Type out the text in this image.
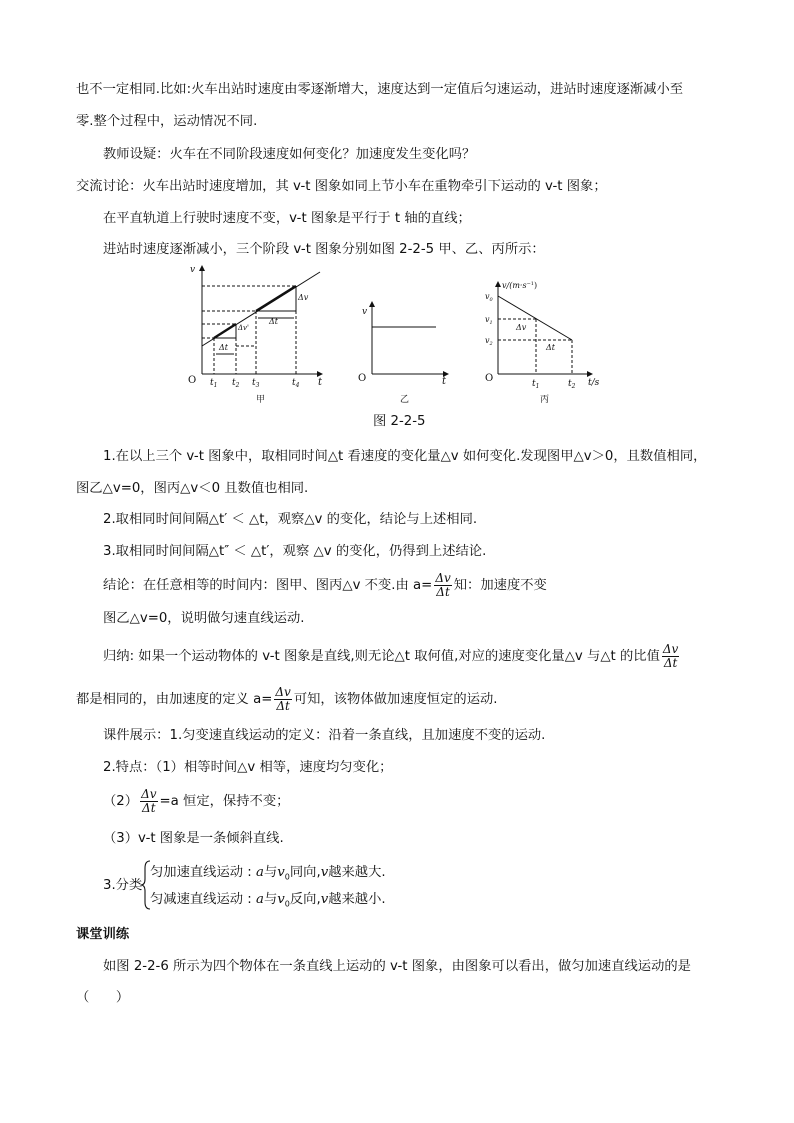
也不一定相同.比如:火车出站时速度由零逐渐增大，速度达到一定值后匀速运动，进站时速度逐渐减小至
零.整个过程中，运动情况不同.
教师设疑：火车在不同阶段速度如何变化？加速度发生变化吗？
交流讨论：火车出站时速度增加，其 v-t 图象如同上节小车在重物牵引下运动的 v-t 图象；
在平直轨道上行驶时速度不变，v-t 图象是平行于 t 轴的直线；
进站时速度逐渐减小，三个阶段 v-t 图象分别如图 2-2-5 甲、乙、丙所示：
v
O	t
$t_1$ $t_2$ $t_3$	$t_4$
Δt
Δv'
Δt
Δv
甲
v
O	t
乙
$v/(m\cdot s^{-1})$
$v_0$
$v_1$
$v_2$
Δv
Δt
O	$t_1$	$t_2$ t/s
丙
图 2-2-5
1.在以上三个 v-t 图象中，取相同时间△t 看速度的变化量△v 如何变化.发现图甲△v＞0，且数值相同，
图乙△v=0，图丙△v＜0 且数值也相同.
2.取相同时间间隔△t′ ＜ △t，观察△v 的变化，结论与上述相同.
3.取相同时间间隔△t″ ＜ △t′，观察 △v 的变化，仍得到上述结论.
结论：在任意相等的时间内：图甲、图丙△v 不变.由 $a= \frac{\Delta v}{\Delta t}$ 知：加速度不变
图乙△v=0，说明做匀速直线运动.
归纳: 如果一个运动物体的 v-t 图象是直线,则无论△t 取何值,对应的速度变化量△v 与△t 的比值 $\frac{\Delta v}{\Delta t}$
都是相同的，由加速度的定义 $a= \frac{\Delta v}{\Delta t}$ 可知，该物体做加速度恒定的运动.
课件展示：1.匀变速直线运动的定义：沿着一条直线，且加速度不变的运动.
2.特点：（1）相等时间△v 相等，速度均匀变化；
$(2) \frac{\Delta v}{\Delta t} =a$ 恒定，保持不变；
（3）v-t 图象是一条倾斜直线.
3.分类
匀加速直线运动 : a与$v_0$同向,v越来越大.
匀减速直线运动 : a与$v_0$反向,v越来越小.
课堂训练
如图 2-2-6 所示为四个物体在一条直线上运动的 v-t 图象，由图象可以看出，做匀加速直线运动的是
（　　）
